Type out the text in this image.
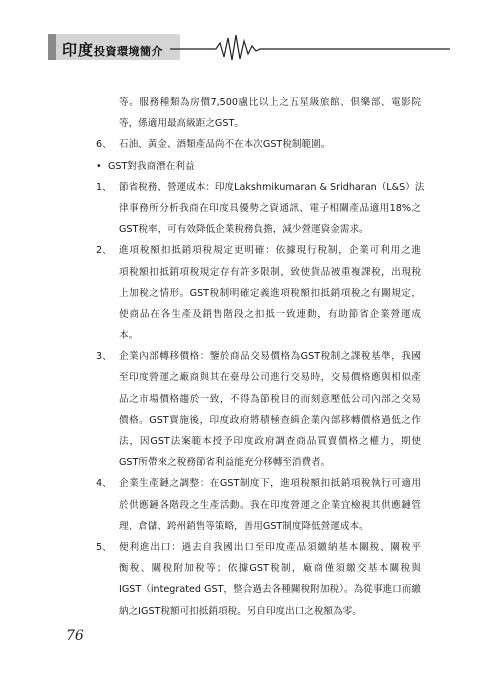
印度投資環境簡介
等。服務種類為房價7,500盧比以上之五星級旅館、俱樂部、電影院
等，係適用最高級距之GST。
6、 石油、黃金、酒類產品尚不在本次GST稅制範圍。
• GST對我商潛在利益
1、 節省稅務、營運成本：印度Lakshmikumaran & Sridharan（L&S）法
律事務所分析我商在印度具優勢之資通訊、電子相關產品適用18%之
GST稅率，可有效降低企業稅務負擔，減少營運資金需求。
2、 進項稅額扣抵銷項稅規定更明確：依據現行稅制，企業可利用之進
項稅額扣抵銷項稅規定存有許多限制，致使貨品被重複課稅，出現稅
上加稅之情形。GST稅制明確定義進項稅額扣抵銷項稅之有關規定，
使商品在各生產及銷售階段之扣抵一致連動，有助節省企業營運成
本。
3、 企業內部轉移價格：鑒於商品交易價格為GST稅制之課稅基準，我國
至印度營運之廠商與其在臺母公司進行交易時，交易價格應與相似產
品之市場價格趨於一致，不得為節稅目的而刻意壓低公司內部之交易
價格。GST實施後，印度政府將積極查緝企業內部移轉價格過低之作
法，因GST法案範本授予印度政府調查商品買賣價格之權力，期使
GST所帶來之稅務節省利益能充分移轉至消費者。
4、 企業生產鏈之調整：在GST制度下，進項稅額扣抵銷項稅執行可適用
於供應鏈各階段之生產活動。我在印度營運之企業宜檢視其供應鏈管
理、倉儲、跨州銷售等策略，善用GST制度降低營運成本。
5、 便利進出口：過去自我國出口至印度產品須繳納基本關稅、關稅平
衡稅、關稅附加稅等；依據GST稅制，廠商僅須繳交基本關稅與
IGST（integrated GST，整合過去各種關稅附加稅）。為從事進口而繳
納之IGST稅額可扣抵銷項稅。另自印度出口之稅額為零。
76
